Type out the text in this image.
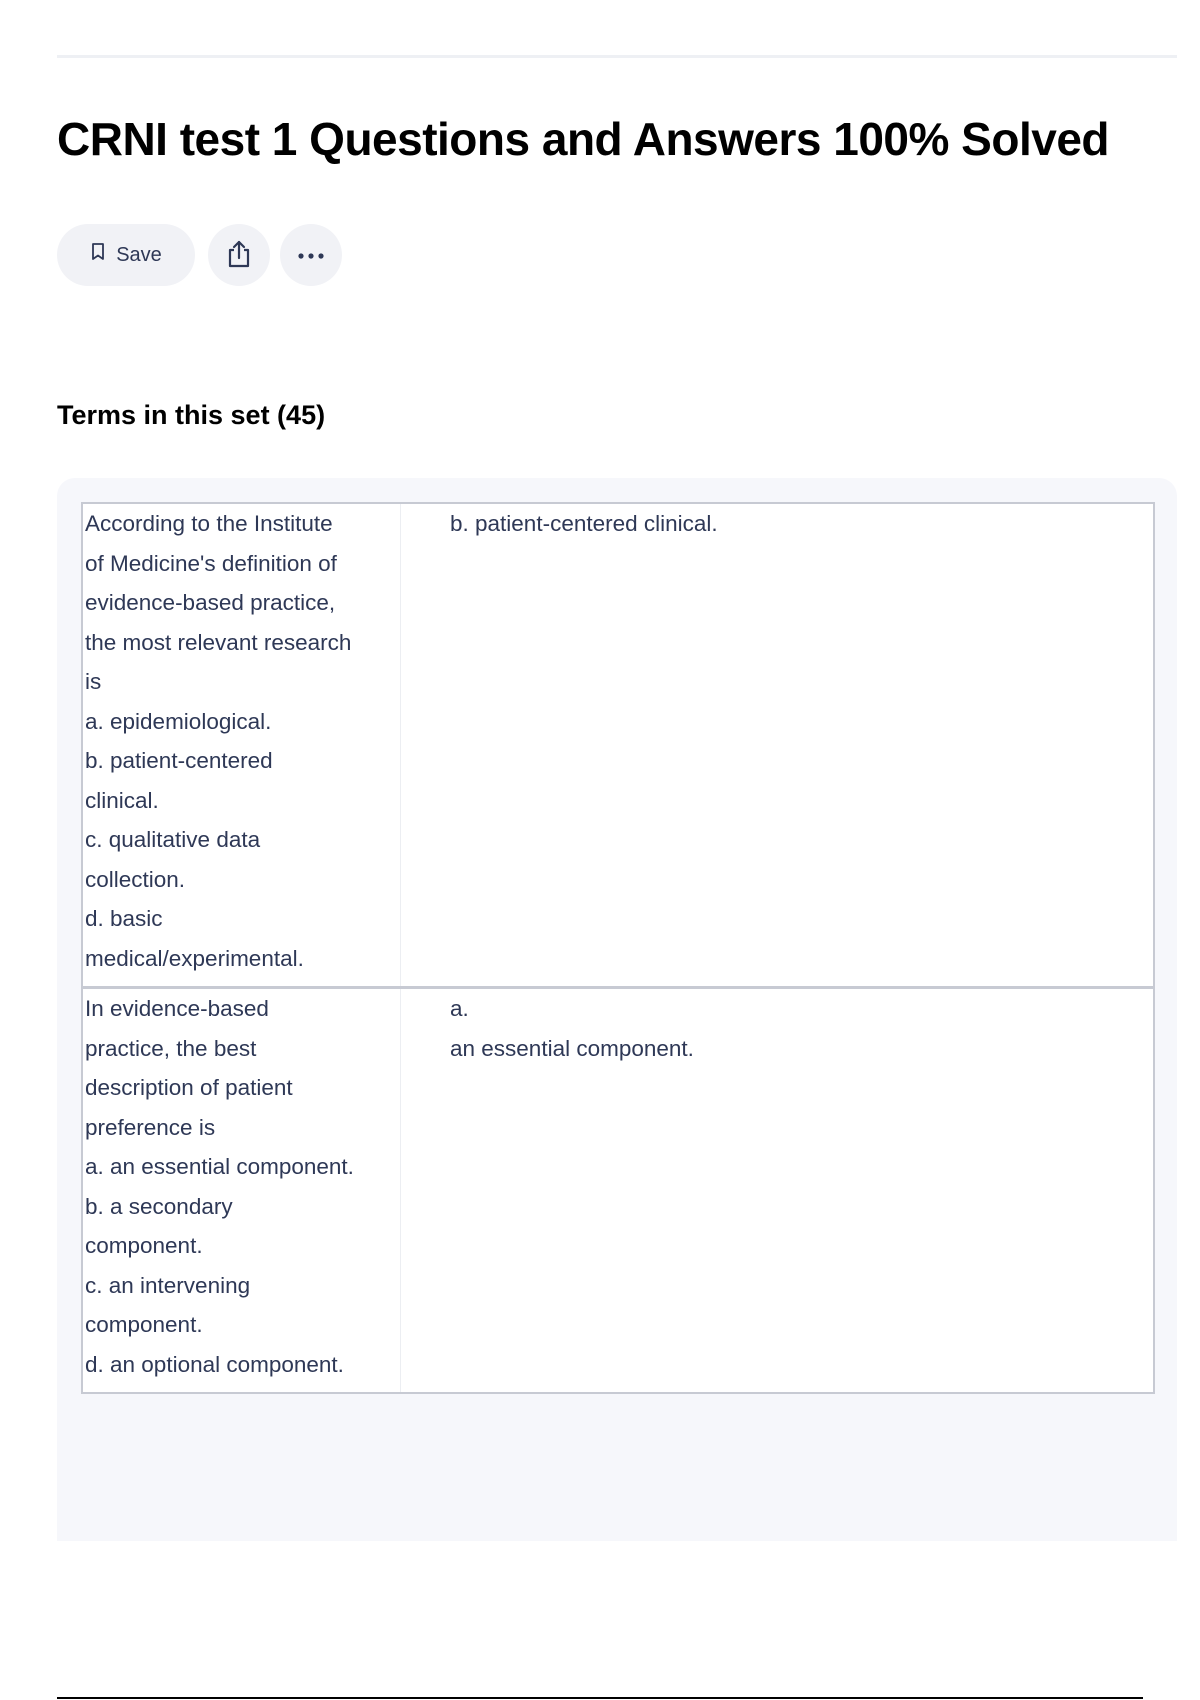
CRNI test 1 Questions and Answers 100% Solved
Save
Terms in this set (45)
According to the Institute
of Medicine's definition of
evidence-based practice,
the most relevant research
is
a. epidemiological.
b. patient-centered
clinical.
c. qualitative data
collection.
d. basic
medical/experimental.
b. patient-centered clinical.
In evidence-based
practice, the best
description of patient
preference is
a. an essential component.
b. a secondary
component.
c. an intervening
component.
d. an optional component.
a.
an essential component.
